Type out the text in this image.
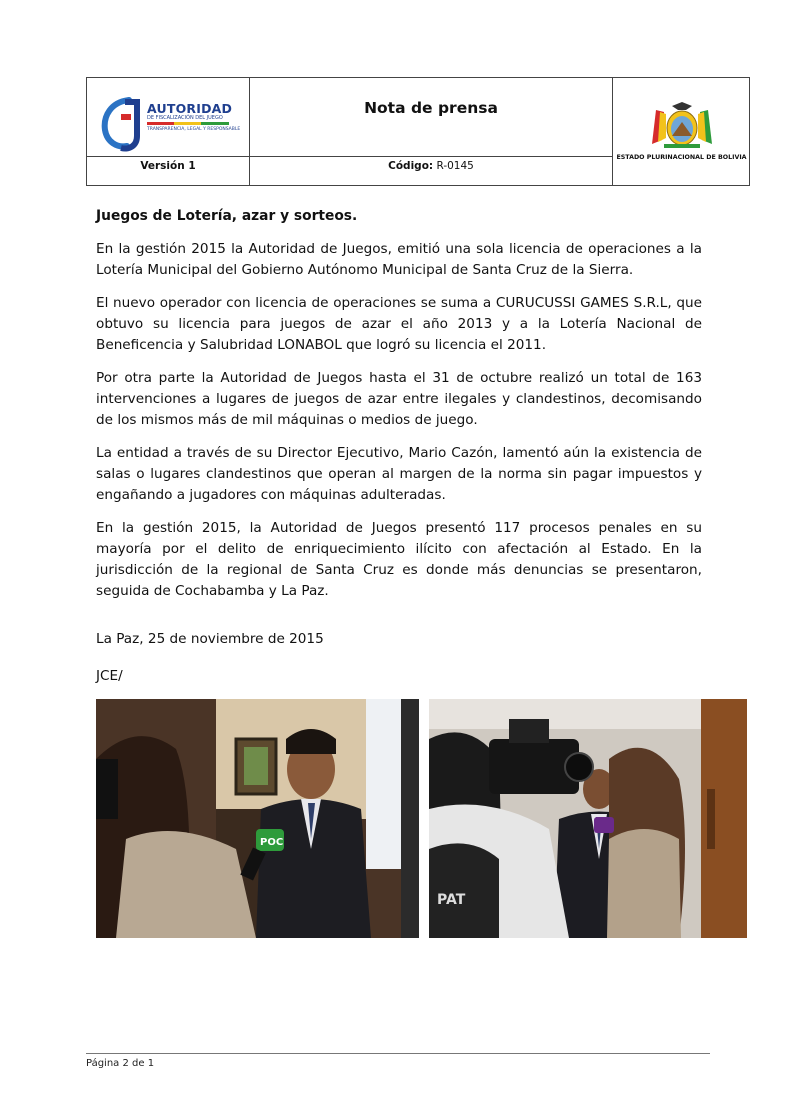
AUTORIDAD
DE FISCALIZACIÓN DEL JUEGO
TRANSPARENCIA, LEGAL Y RESPONSABLE
Nota de prensa
Versión 1	Código: R-0145
ESTADO PLURINACIONAL DE BOLIVIA

Juegos de Lotería, azar y sorteos.

En la gestión 2015 la Autoridad de Juegos, emitió una sola licencia de operaciones a la Lotería Municipal del Gobierno Autónomo Municipal de Santa Cruz de la Sierra.

El nuevo operador con licencia de operaciones se suma a CURUCUSSI GAMES S.R.L, que obtuvo su licencia para juegos de azar el año 2013 y a la Lotería Nacional de Beneficencia y Salubridad LONABOL que logró su licencia el 2011.

Por otra parte la Autoridad de Juegos hasta el 31 de octubre realizó un total de 163 intervenciones a lugares de juegos de azar entre ilegales y clandestinos, decomisando de los mismos más de mil máquinas o medios de juego.

La entidad a través de su Director Ejecutivo, Mario Cazón, lamentó aún la existencia de salas o lugares clandestinos que operan al margen de la norma sin pagar impuestos y engañando a jugadores con máquinas adulteradas.

En la gestión 2015, la Autoridad de Juegos presentó 117 procesos penales en su mayoría por el delito de enriquecimiento ilícito con afectación al Estado. En la jurisdicción de la regional de Santa Cruz es donde más denuncias se presentaron, seguida de Cochabamba y La Paz.

La Paz, 25 de noviembre de 2015

JCE/

POC
PAT
Página 2 de 1
